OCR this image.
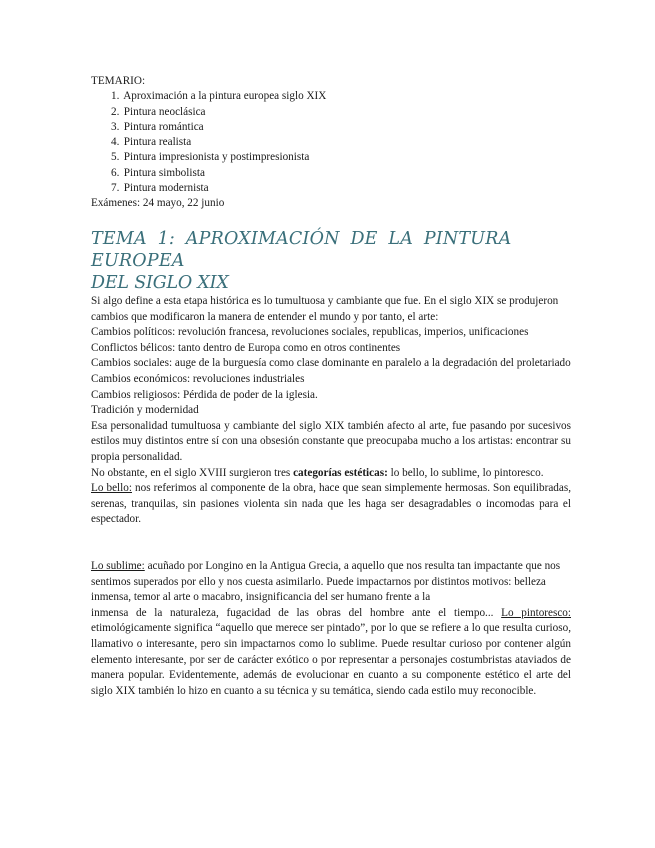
TEMARIO:
1. Aproximación a la pintura europea siglo XIX
2. Pintura neoclásica
3. Pintura romántica
4. Pintura realista
5. Pintura impresionista y postimpresionista
6. Pintura simbolista
7. Pintura modernista
Exámenes: 24 mayo, 22 junio
TEMA 1: APROXIMACIÓN DE LA PINTURA EUROPEA
DEL SIGLO XIX

Si algo define a esta etapa histórica es lo tumultuosa y cambiante que fue. En el siglo XIX se produjeron cambios que modificaron la manera de entender el mundo y por tanto, el arte:

Cambios políticos: revolución francesa, revoluciones sociales, republicas, imperios, unificaciones

Conflictos bélicos: tanto dentro de Europa como en otros continentes

Cambios sociales: auge de la burguesía como clase dominante en paralelo a la degradación del proletariado

Cambios económicos: revoluciones industriales

Cambios religiosos: Pérdida de poder de la iglesia.

Tradición y modernidad

Esa personalidad tumultuosa y cambiante del siglo XIX también afecto al arte, fue pasando por sucesivos estilos muy distintos entre sí con una obsesión constante que preocupaba mucho a los artistas: encontrar su propia personalidad.

No obstante, en el siglo XVIII surgieron tres categorías estéticas: lo bello, lo sublime, lo pintoresco.

Lo bello: nos referimos al componente de la obra, hace que sean simplemente hermosas. Son equilibradas, serenas, tranquilas, sin pasiones violenta sin nada que les haga ser desagradables o incomodas para el espectador.

Lo sublime: acuñado por Longino en la Antigua Grecia, a aquello que nos resulta tan impactante que nos sentimos superados por ello y nos cuesta asimilarlo. Puede impactarnos por distintos motivos: belleza inmensa, temor al arte o macabro, insignificancia del ser humano frente a la

inmensa de la naturaleza, fugacidad de las obras del hombre ante el tiempo... Lo pintoresco: etimológicamente significa “aquello que merece ser pintado”, por lo que se refiere a lo que resulta curioso, llamativo o interesante, pero sin impactarnos como lo sublime. Puede resultar curioso por contener algún elemento interesante, por ser de carácter exótico o por representar a personajes costumbristas ataviados de manera popular. Evidentemente, además de evolucionar en cuanto a su componente estético el arte del siglo XIX también lo hizo en cuanto a su técnica y su temática, siendo cada estilo muy reconocible.
